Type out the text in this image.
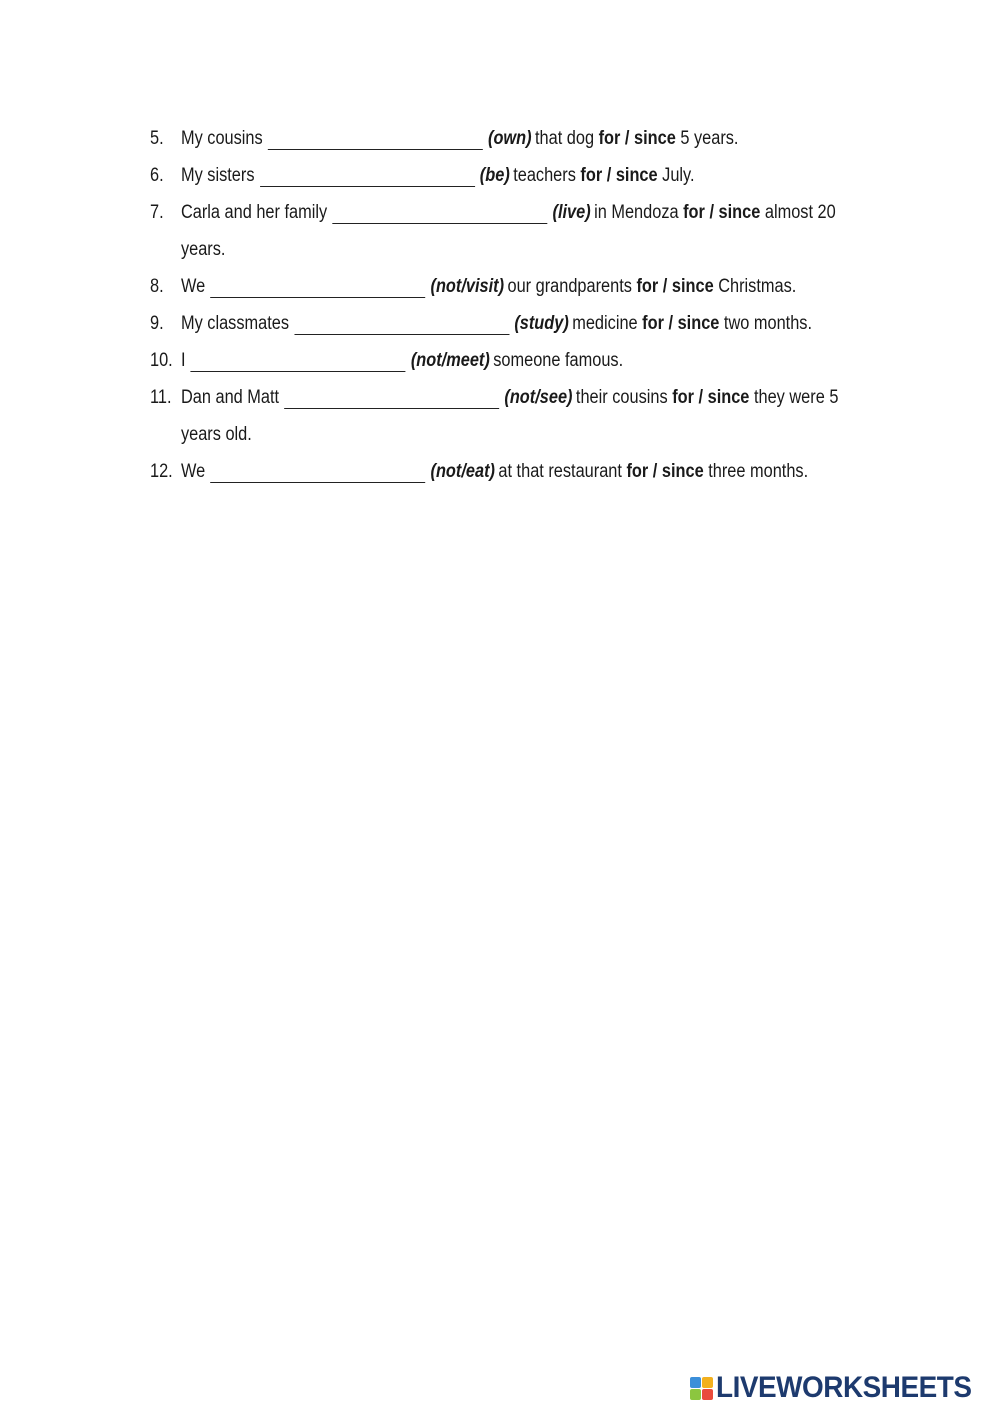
5. My cousins	(own) that dog for / since 5 years.
6. My sisters	(be) teachers for / since July.
7. Carla and her family	(live) in Mendoza for / since almost 20
years.
8. We	(not/visit) our grandparents for / since Christmas.
9. My classmates	(study) medicine for / since two months.
10. I	(not/meet) someone famous.
11. Dan and Matt	(not/see) their cousins for / since they were 5
years old.
12. We	(not/eat) at that restaurant for / since three months.
LIVEWORKSHEETS
